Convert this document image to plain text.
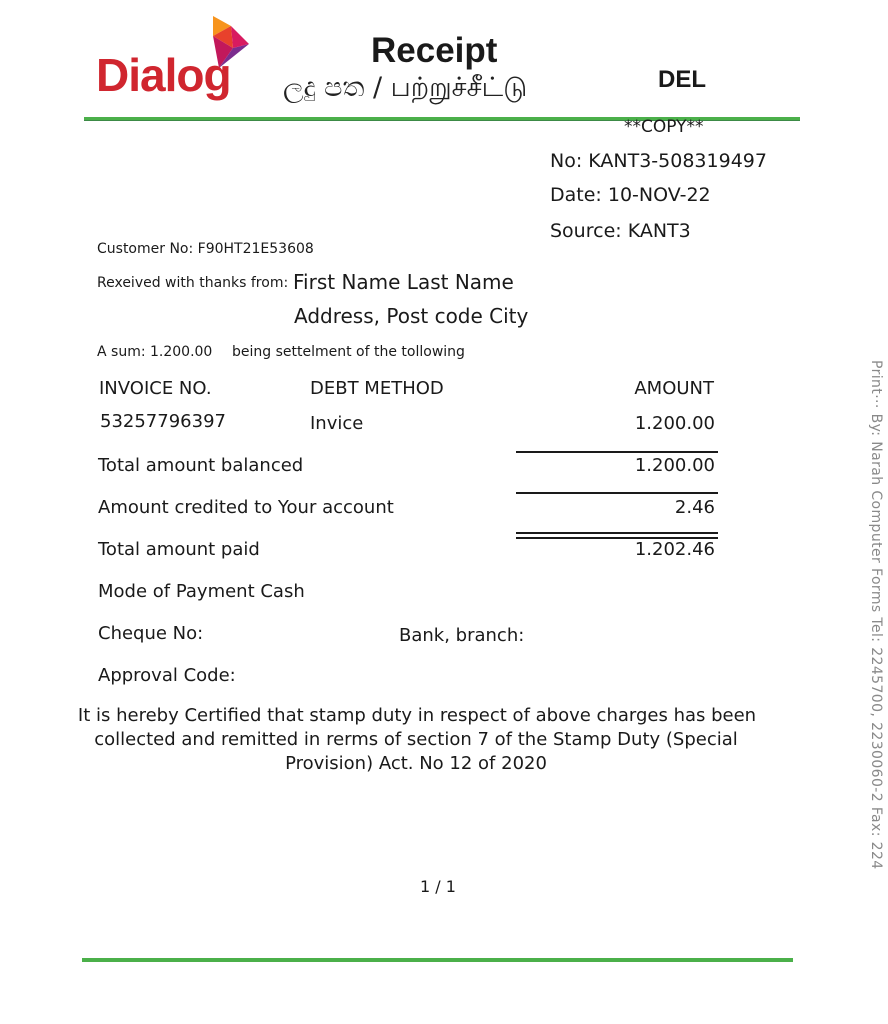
Dialog	Receipt
ලදු පත / பற்றுச்சீட்டு	DEL
**COPY**
No: KANT3-508319497
Date: 10-NOV-22
Source: KANT3
Customer No: F90HT21E53608
Rexeived with thanks from: First Name Last Name
Address, Post code City
A sum: 1.200.00 being settelment of the tollowing
INVOICE NO.	DEBT METHOD	AMOUNT
53257796397	Invice	1.200.00
Total amount balanced	1.200.00
Amount credited to Your account	2.46
Total amount paid	1.202.46
Mode of Payment Cash
Cheque No:	Bank, branch:
Approval Code:
It is hereby Certified that stamp duty in respect of above charges has been
collected and remitted in rerms of section 7 of the Stamp Duty (Special
Provision) Act. No 12 of 2020
1 / 1
Print··· By: Narah Computer Forms Tel: 2245700, 2230060-2 Fax: 224
